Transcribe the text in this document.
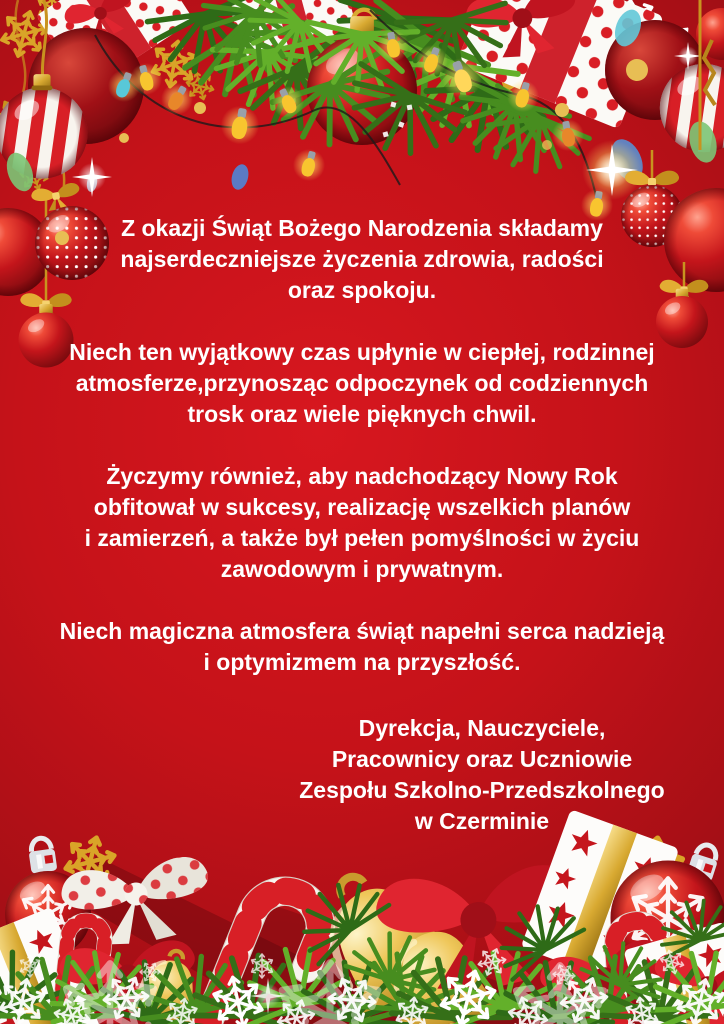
Z okazji Świąt Bożego Narodzenia składamy
najserdeczniejsze życzenia zdrowia, radości
oraz spokoju.
Niech ten wyjątkowy czas upłynie w ciepłej, rodzinnej
atmosferze,przynosząc odpoczynek od codziennych
trosk oraz wiele pięknych chwil.
Życzymy również, aby nadchodzący Nowy Rok
obfitował w sukcesy, realizację wszelkich planów
i zamierzeń, a także był pełen pomyślności w życiu
zawodowym i prywatnym.
Niech magiczna atmosfera świąt napełni serca nadzieją
i optymizmem na przyszłość.
Dyrekcja, Nauczyciele,
Pracownicy oraz Uczniowie
Zespołu Szkolno-Przedszkolnego
w Czerminie
